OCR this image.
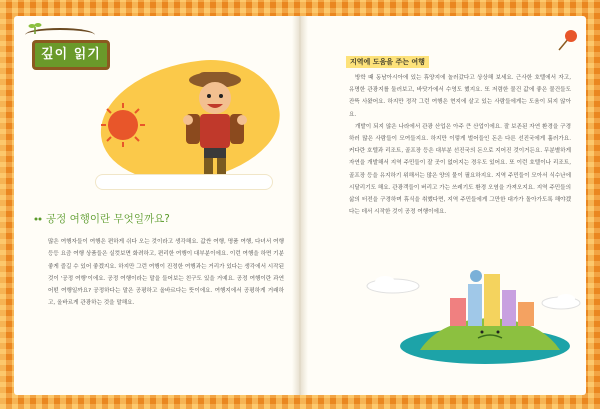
깊이 읽기
공정 여행이란 무엇일까요?
많은 여행자들이 여행은 편하게 쉬다 오는 것이라고 생각해요. 값싼 여행, 명품 여행, 다녀서 여행 등등 요즘 여행 상품들은 실컷보면 화려하고, 편리한 여행이 대부분이에요. 이런 여행을 하면 기분 좋게 즐길 수 있어 좋겠지요. 하지만 그런 여행이 진정한 여행과는 거리가 있다는 생각에서 시작된 것이 '공정 여행'이에요. 공정 여행이라는 말을 들어보는 친구도 있을 거예요. 공정 여행이란 과연 어떤 여행일까요? 공정하다는 말은 공평하고 올바르다는 뜻이에요. 여행지에서 공평하게 거래하고, 올바르게 관광하는 것을 말해요.
지역에 도움을 주는 여행

방학 때 동남아시아에 있는 휴양지에 놀러갔다고 상상해 보세요. 근사한 호텔에서 자고, 유명한 관광지를 둘러보고, 바닷가에서 수영도 했지요. 또 저렴한 물건 값에 좋은 물건들도 잔뜩 사왔어요. 하지만 정작 그런 여행은 현지에 살고 있는 사람들에게는 도움이 되지 않아요.

개발이 되지 않은 나라에서 관광 산업은 아주 큰 산업이에요. 잘 보존된 자연 환경을 구경하러 많은 사람들이 모여들지요. 하지만 이렇게 벌어들인 돈은 다른 선진국에게 흘러가요. 커다란 호텔과 리조트, 골프장 등은 대부분 선진국의 돈으로 지어진 것이거든요. 무분별하게 자연을 개발해서 지역 주민들이 잘 곳이 없어지는 경우도 있어요. 또 이런 호텔이나 리조트, 골프장 등을 유지하기 위해서는 많은 양의 물이 필요하지요. 지역 주민들이 모아서 식수난에 시달리기도 해요. 관광객들이 버리고 가는 쓰레기도 환경 오염을 가져오지요. 지역 주민들의 삶의 터전을 구경하며 휴식을 취했다면, 지역 주민들에게 그만한 대가가 돌아가도록 해야겠다는 데서 시작한 것이 공정 여행이에요.
